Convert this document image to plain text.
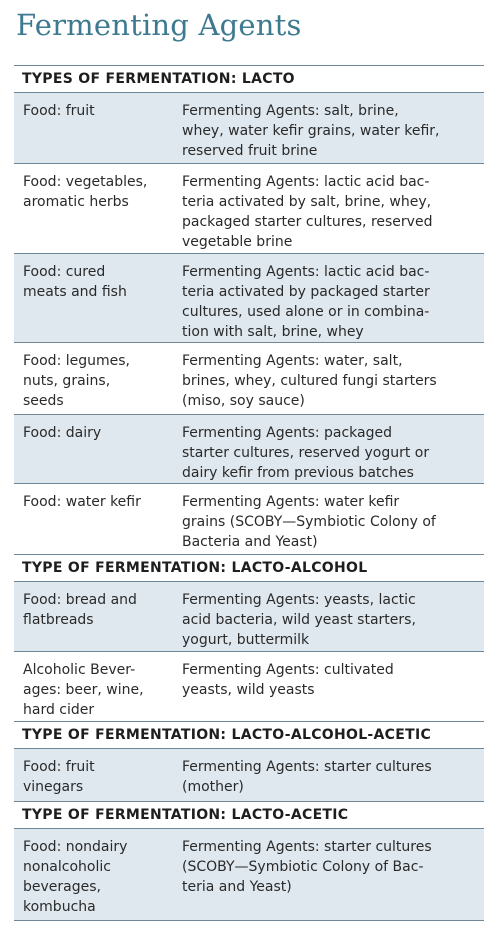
Fermenting Agents
TYPES OF FERMENTATION: LACTO
Food: fruit	Fermenting Agents: salt, brine,
whey, water kefir grains, water kefir,
reserved fruit brine
Food: vegetables,
aromatic herbs
Fermenting Agents: lactic acid bac-
teria activated by salt, brine, whey,
packaged starter cultures, reserved
vegetable brine
Food: cured
meats and fish
Fermenting Agents: lactic acid bac-
teria activated by packaged starter
cultures, used alone or in combina-
tion with salt, brine, whey
Food: legumes,
nuts, grains,
seeds
Fermenting Agents: water, salt,
brines, whey, cultured fungi starters
(miso, soy sauce)
Food: dairy	Fermenting Agents: packaged
starter cultures, reserved yogurt or
dairy kefir from previous batches
Food: water kefir	Fermenting Agents: water kefir
grains (SCOBY—Symbiotic Colony of
Bacteria and Yeast)
TYPE OF FERMENTATION: LACTO-ALCOHOL
Food: bread and
flatbreads
Fermenting Agents: yeasts, lactic
acid bacteria, wild yeast starters,
yogurt, buttermilk
Alcoholic Bever-
ages: beer, wine,
hard cider
Fermenting Agents: cultivated
yeasts, wild yeasts
TYPE OF FERMENTATION: LACTO-ALCOHOL-ACETIC
Food: fruit
vinegars
Fermenting Agents: starter cultures
(mother)
TYPE OF FERMENTATION: LACTO-ACETIC
Food: nondairy
nonalcoholic
beverages,
kombucha
Fermenting Agents: starter cultures
(SCOBY—Symbiotic Colony of Bac-
teria and Yeast)
